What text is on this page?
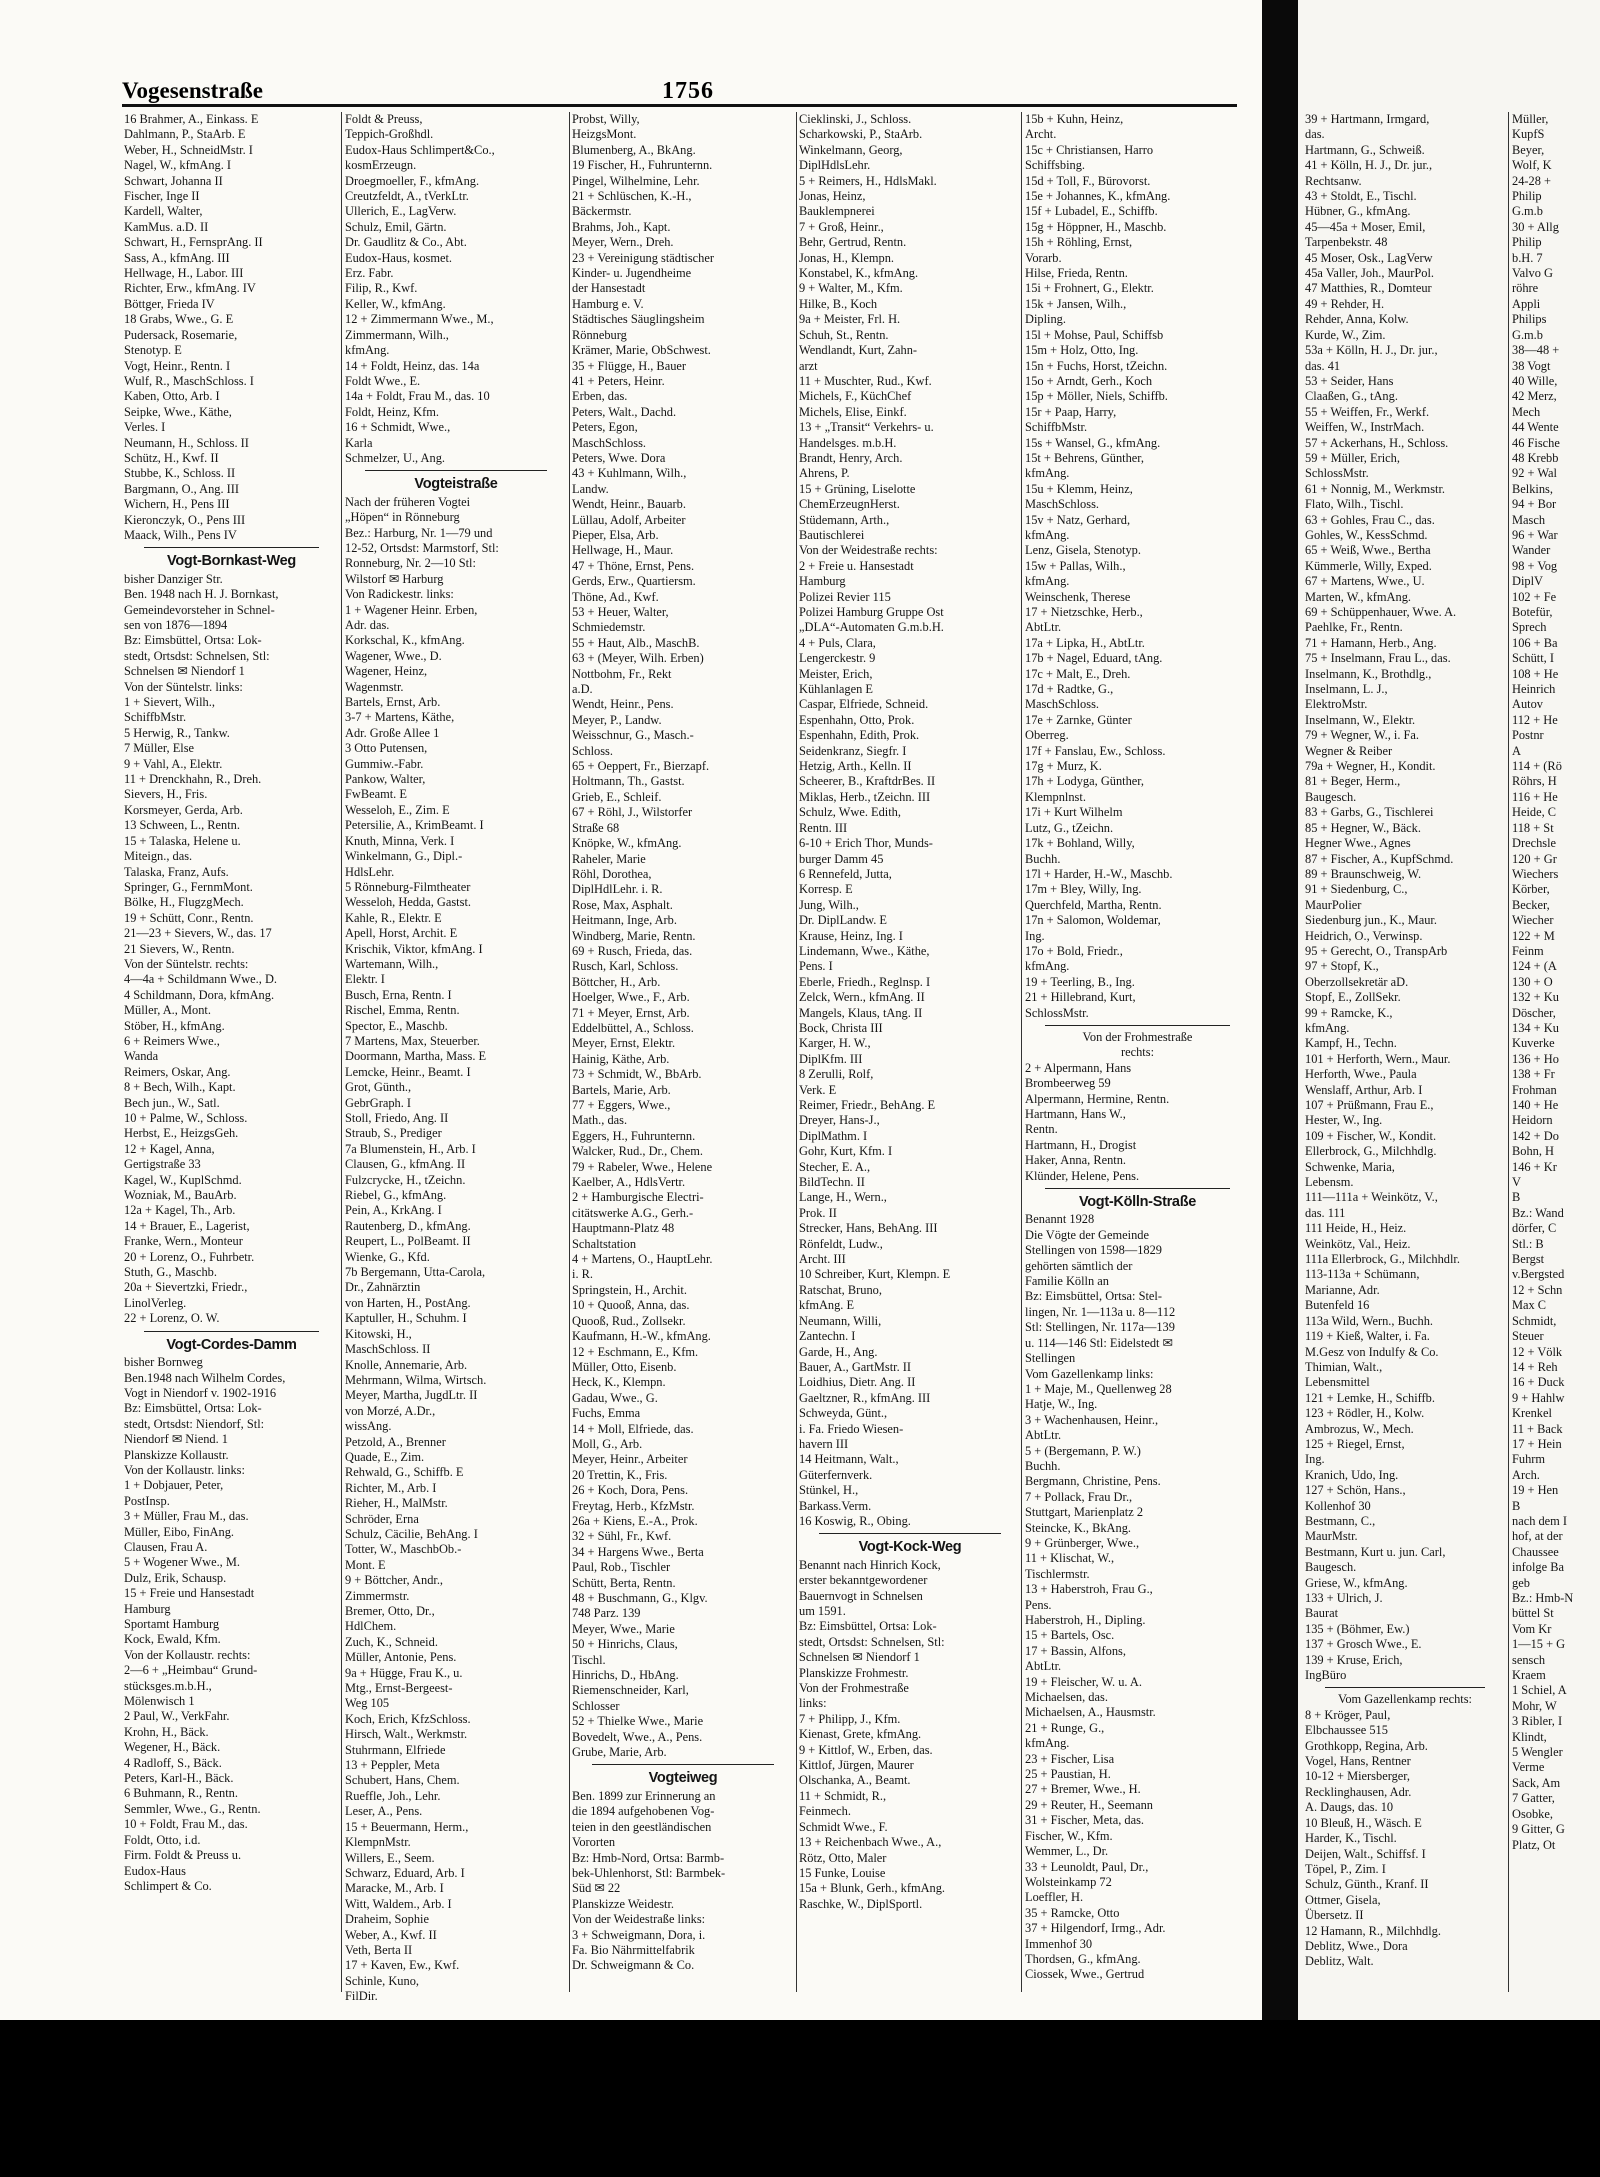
Vogesenstraße	1756
16 Brahmer, A., Einkass. E
Dahlmann, P., StaArb. E
Weber, H., SchneidMstr. I
Nagel, W., kfmAng. I
Schwart, Johanna II
Fischer, Inge II
Kardell, Walter,
KamMus. a.D. II
Schwart, H., FernsprAng. II
Sass, A., kfmAng. III
Hellwage, H., Labor. III
Richter, Erw., kfmAng. IV
Böttger, Frieda IV
18 Grabs, Wwe., G. E
Pudersack, Rosemarie,
Stenotyp. E
Vogt, Heinr., Rentn. I
Wulf, R., MaschSchloss. I
Kaben, Otto, Arb. I
Seipke, Wwe., Käthe,
Verles. I
Neumann, H., Schloss. II
Schütz, H., Kwf. II
Stubbe, K., Schloss. II
Bargmann, O., Ang. III
Wichern, H., Pens III
Kieronczyk, O., Pens III
Maack, Wilh., Pens IV
Vogt-Bornkast-Weg
bisher Danziger Str.
Ben. 1948 nach H. J. Bornkast,
Gemeindevorsteher in Schnel-
sen von 1876—1894
Bz: Eimsbüttel, Ortsa: Lok-
stedt, Ortsdst: Schnelsen, Stl:
Schnelsen ✉ Niendorf 1
Von der Süntelstr. links:
1 + Sievert, Wilh.,
SchiffbMstr.
5 Herwig, R., Tankw.
7 Müller, Else
9 + Vahl, A., Elektr.
11 + Drenckhahn, R., Dreh.
Sievers, H., Fris.
Korsmeyer, Gerda, Arb.
13 Schween, L., Rentn.
15 + Talaska, Helene u.
Miteign., das.
Talaska, Franz, Aufs.
Springer, G., FernmMont.
Bölke, H., FlugzgMech.
19 + Schütt, Conr., Rentn.
21—23 + Sievers, W., das. 17
21 Sievers, W., Rentn.
Von der Süntelstr. rechts:
4—4a + Schildmann Wwe., D.
4 Schildmann, Dora, kfmAng.
Müller, A., Mont.
Stöber, H., kfmAng.
6 + Reimers Wwe.,
Wanda
Reimers, Oskar, Ang.
8 + Bech, Wilh., Kapt.
Bech jun., W., Satl.
10 + Palme, W., Schloss.
Herbst, E., HeizgsGeh.
12 + Kagel, Anna,
Gertigstraße 33
Kagel, W., KuplSchmd.
Wozniak, M., BauArb.
12a + Kagel, Th., Arb.
14 + Brauer, E., Lagerist,
Franke, Wern., Monteur
20 + Lorenz, O., Fuhrbetr.
Stuth, G., Maschb.
20a + Sievertzki, Friedr.,
LinolVerleg.
22 + Lorenz, O. W.
Vogt-Cordes-Damm
bisher Bornweg
Ben.1948 nach Wilhelm Cordes,
Vogt in Niendorf v. 1902-1916
Bz: Eimsbüttel, Ortsa: Lok-
stedt, Ortsdst: Niendorf, Stl:
Niendorf ✉ Niend. 1
Planskizze Kollaustr.
Von der Kollaustr. links:
1 + Dobjauer, Peter,
PostInsp.
3 + Müller, Frau M., das.
Müller, Eibo, FinAng.
Clausen, Frau A.
5 + Wogener Wwe., M.
Dulz, Erik, Schausp.
15 + Freie und Hansestadt
Hamburg
Sportamt Hamburg
Kock, Ewald, Kfm.
Von der Kollaustr. rechts:
2—6 + „Heimbau“ Grund-
stücksges.m.b.H.,
Mölenwisch 1
2 Paul, W., VerkFahr.
Krohn, H., Bäck.
Wegener, H., Bäck.
4 Radloff, S., Bäck.
Peters, Karl-H., Bäck.
6 Buhmann, R., Rentn.
Semmler, Wwe., G., Rentn.
10 + Foldt, Frau M., das.
Foldt, Otto, i.d.
Firm. Foldt & Preuss u.
Eudox-Haus
Schlimpert & Co.
Foldt & Preuss,
Teppich-Großhdl.
Eudox-Haus Schlimpert&Co.,
kosmErzeugn.
Droegmoeller, F., kfmAng.
Creutzfeldt, A., tVerkLtr.
Ullerich, E., LagVerw.
Schulz, Emil, Gärtn.
Dr. Gaudlitz & Co., Abt.
Eudox-Haus, kosmet.
Erz. Fabr.
Filip, R., Kwf.
Keller, W., kfmAng.
12 + Zimmermann Wwe., M.,
Zimmermann, Wilh.,
kfmAng.
14 + Foldt, Heinz, das. 14a
Foldt Wwe., E.
14a + Foldt, Frau M., das. 10
Foldt, Heinz, Kfm.
16 + Schmidt, Wwe.,
Karla
Schmelzer, U., Ang.
Vogteistraße
Nach der früheren Vogtei
„Höpen“ in Rönneburg
Bez.: Harburg, Nr. 1—79 und
12-52, Ortsdst: Marmstorf, Stl:
Ronneburg, Nr. 2—10 Stl:
Wilstorf ✉ Harburg
Von Radickestr. links:
1 + Wagener Heinr. Erben,
Adr. das.
Korkschal, K., kfmAng.
Wagener, Wwe., D.
Wagener, Heinz,
Wagenmstr.
Bartels, Ernst, Arb.
3-7 + Martens, Käthe,
Adr. Große Allee 1
3 Otto Putensen,
Gummiw.-Fabr.
Pankow, Walter,
FwBeamt. E
Wesseloh, E., Zim. E
Petersilie, A., KrimBeamt. I
Knuth, Minna, Verk. I
Winkelmann, G., Dipl.-
HdlsLehr.
5 Rönneburg-Filmtheater
Wesseloh, Hedda, Gastst.
Kahle, R., Elektr. E
Apell, Horst, Archit. E
Krischik, Viktor, kfmAng. I
Wartemann, Wilh.,
Elektr. I
Busch, Erna, Rentn. I
Rischel, Emma, Rentn.
Spector, E., Maschb.
7 Martens, Max, Steuerber.
Doormann, Martha, Mass. E
Lemcke, Heinr., Beamt. I
Grot, Günth.,
GebrGraph. I
Stoll, Friedo, Ang. II
Straub, S., Prediger
7a Blumenstein, H., Arb. I
Clausen, G., kfmAng. II
Fulzcrycke, H., tZeichn.
Riebel, G., kfmAng.
Pein, A., KrkAng. I
Rautenberg, D., kfmAng.
Reupert, L., PolBeamt. II
Wienke, G., Kfd.
7b Bergemann, Utta-Carola,
Dr., Zahnärztin
von Harten, H., PostAng.
Kaptuller, H., Schuhm. I
Kitowski, H.,
MaschSchloss. II
Knolle, Annemarie, Arb.
Mehrmann, Wilma, Wirtsch.
Meyer, Martha, JugdLtr. II
von Morzé, A.Dr.,
wissAng.
Petzold, A., Brenner
Quade, E., Zim.
Rehwald, G., Schiffb. E
Richter, M., Arb. I
Rieher, H., MalMstr.
Schröder, Erna
Schulz, Cäcilie, BehAng. I
Totter, W., MaschbOb.-
Mont. E
9 + Böttcher, Andr.,
Zimmermstr.
Bremer, Otto, Dr.,
HdlChem.
Zuch, K., Schneid.
Müller, Antonie, Pens.
9a + Hügge, Frau K., u.
Mtg., Ernst-Bergeest-
Weg 105
Koch, Erich, KfzSchloss.
Hirsch, Walt., Werkmstr.
Stuhrmann, Elfriede
13 + Peppler, Meta
Schubert, Hans, Chem.
Rueffle, Joh., Lehr.
Leser, A., Pens.
15 + Beuermann, Herm.,
KlempnMstr.
Willers, E., Seem.
Schwarz, Eduard, Arb. I
Maracke, M., Arb. I
Witt, Waldem., Arb. I
Draheim, Sophie
Weber, A., Kwf. II
Veth, Berta II
17 + Kaven, Ew., Kwf.
Schinle, Kuno,
FilDir.
Probst, Willy,
HeizgsMont.
Blumenberg, A., BkAng.
19 Fischer, H., Fuhrunternn.
Pingel, Wilhelmine, Lehr.
21 + Schlüschen, K.-H.,
Bäckermstr.
Brahms, Joh., Kapt.
Meyer, Wern., Dreh.
23 + Vereinigung städtischer
Kinder- u. Jugendheime
der Hansestadt
Hamburg e. V.
Städtisches Säuglingsheim
Rönneburg
Krämer, Marie, ObSchwest.
35 + Flügge, H., Bauer
41 + Peters, Heinr.
Erben, das.
Peters, Walt., Dachd.
Peters, Egon,
MaschSchloss.
Peters, Wwe. Dora
43 + Kuhlmann, Wilh.,
Landw.
Wendt, Heinr., Bauarb.
Lüllau, Adolf, Arbeiter
Pieper, Elsa, Arb.
Hellwage, H., Maur.
47 + Thöne, Ernst, Pens.
Gerds, Erw., Quartiersm.
Thöne, Ad., Kwf.
53 + Heuer, Walter,
Schmiedemstr.
55 + Haut, Alb., MaschB.
63 + (Meyer, Wilh. Erben)
Nottbohm, Fr., Rekt
a.D.
Wendt, Heinr., Pens.
Meyer, P., Landw.
Weisschnur, G., Masch.-
Schloss.
65 + Oeppert, Fr., Bierzapf.
Holtmann, Th., Gastst.
Grieb, E., Schleif.
67 + Röhl, J., Wilstorfer
Straße 68
Knöpke, W., kfmAng.
Raheler, Marie
Röhl, Dorothea,
DiplHdlLehr. i. R.
Rose, Max, Asphalt.
Heitmann, Inge, Arb.
Windberg, Marie, Rentn.
69 + Rusch, Frieda, das.
Rusch, Karl, Schloss.
Böttcher, H., Arb.
Hoelger, Wwe., F., Arb.
71 + Meyer, Ernst, Arb.
Eddelbüttel, A., Schloss.
Meyer, Ernst, Elektr.
Hainig, Käthe, Arb.
73 + Schmidt, W., BbArb.
Bartels, Marie, Arb.
77 + Eggers, Wwe.,
Math., das.
Eggers, H., Fuhrunternn.
Walcker, Rud., Dr., Chem.
79 + Rabeler, Wwe., Helene
Kaelber, A., HdlsVertr.
2 + Hamburgische Electri-
citätswerke A.G., Gerh.-
Hauptmann-Platz 48
Schaltstation
4 + Martens, O., HauptLehr.
i. R.
Springstein, H., Archit.
10 + Quooß, Anna, das.
Quooß, Rud., Zollsekr.
Kaufmann, H.-W., kfmAng.
12 + Eschmann, E., Kfm.
Müller, Otto, Eisenb.
Heck, K., Klempn.
Gadau, Wwe., G.
Fuchs, Emma
14 + Moll, Elfriede, das.
Moll, G., Arb.
Meyer, Heinr., Arbeiter
20 Trettin, K., Fris.
26 + Koch, Dora, Pens.
Freytag, Herb., KfzMstr.
26a + Kiens, E.-A., Prok.
32 + Sühl, Fr., Kwf.
34 + Hargens Wwe., Berta
Paul, Rob., Tischler
Schütt, Berta, Rentn.
48 + Buschmann, G., Klgv.
748 Parz. 139
Meyer, Wwe., Marie
50 + Hinrichs, Claus,
Tischl.
Hinrichs, D., HbAng.
Riemenschneider, Karl,
Schlosser
52 + Thielke Wwe., Marie
Bovedelt, Wwe., A., Pens.
Grube, Marie, Arb.
Vogteiweg
Ben. 1899 zur Erinnerung an
die 1894 aufgehobenen Vog-
teien in den geestländischen
Vororten
Bz: Hmb-Nord, Ortsa: Barmb-
bek-Uhlenhorst, Stl: Barmbek-
Süd ✉ 22
Planskizze Weidestr.
Von der Weidestraße links:
3 + Schweigmann, Dora, i.
Fa. Bio Nährmittelfabrik
Dr. Schweigmann & Co.
Cieklinski, J., Schloss.
Scharkowski, P., StaArb.
Winkelmann, Georg,
DiplHdlsLehr.
5 + Reimers, H., HdlsMakl.
Jonas, Heinz,
Bauklempnerei
7 + Groß, Heinr.,
Behr, Gertrud, Rentn.
Jonas, H., Klempn.
Konstabel, K., kfmAng.
9 + Walter, M., Kfm.
Hilke, B., Koch
9a + Meister, Frl. H.
Schuh, St., Rentn.
Wendlandt, Kurt, Zahn-
arzt
11 + Muschter, Rud., Kwf.
Michels, F., KüchChef
Michels, Elise, Einkf.
13 + „Transit“ Verkehrs- u.
Handelsges. m.b.H.
Brandt, Henry, Arch.
Ahrens, P.
15 + Grüning, Liselotte
ChemErzeugnHerst.
Stüdemann, Arth.,
Bautischlerei
Von der Weidestraße rechts:
2 + Freie u. Hansestadt
Hamburg
Polizei Revier 115
Polizei Hamburg Gruppe Ost
„DLA“-Automaten G.m.b.H.
4 + Puls, Clara,
Lengerckestr. 9
Meister, Erich,
Kühlanlagen E
Caspar, Elfriede, Schneid.
Espenhahn, Otto, Prok.
Espenhahn, Edith, Prok.
Seidenkranz, Siegfr. I
Hetzig, Arth., Kelln. II
Scheerer, B., KraftdrBes. II
Miklas, Herb., tZeichn. III
Schulz, Wwe. Edith,
Rentn. III
6-10 + Erich Thor, Munds-
burger Damm 45
6 Rennefeld, Jutta,
Korresp. E
Jung, Wilh.,
Dr. DiplLandw. E
Krause, Heinz, Ing. I
Lindemann, Wwe., Käthe,
Pens. I
Eberle, Friedh., Reglnsp. I
Zelck, Wern., kfmAng. II
Mangels, Klaus, tAng. II
Bock, Christa III
Karger, H. W.,
DiplKfm. III
8 Zerulli, Rolf,
Verk. E
Reimer, Friedr., BehAng. E
Dreyer, Hans-J.,
DiplMathm. I
Gohr, Kurt, Kfm. I
Stecher, E. A.,
BildTechn. II
Lange, H., Wern.,
Prok. II
Strecker, Hans, BehAng. III
Rönfeldt, Ludw.,
Archt. III
10 Schreiber, Kurt, Klempn. E
Ratschat, Bruno,
kfmAng. E
Neumann, Willi,
Zantechn. I
Garde, H., Ang.
Bauer, A., GartMstr. II
Loidhius, Dietr. Ang. II
Gaeltzner, R., kfmAng. III
Schweyda, Günt.,
i. Fa. Friedo Wiesen-
havern III
14 Heitmann, Walt.,
Güterfernverk.
Stünkel, H.,
Barkass.Verm.
16 Koswig, R., Obing.
Vogt-Kock-Weg
Benannt nach Hinrich Kock,
erster bekanntgewordener
Bauernvogt in Schnelsen
um 1591.
Bz: Eimsbüttel, Ortsa: Lok-
stedt, Ortsdst: Schnelsen, Stl:
Schnelsen ✉ Niendorf 1
Planskizze Frohmestr.
Von der Frohmestraße
links:
7 + Philipp, J., Kfm.
Kienast, Grete, kfmAng.
9 + Kittlof, W., Erben, das.
Kittlof, Jürgen, Maurer
Olschanka, A., Beamt.
11 + Schmidt, R.,
Feinmech.
Schmidt Wwe., F.
13 + Reichenbach Wwe., A.,
Rötz, Otto, Maler
15 Funke, Louise
15a + Blunk, Gerh., kfmAng.
Raschke, W., DiplSportl.
15b + Kuhn, Heinz,
Archt.
15c + Christiansen, Harro
Schiffsbing.
15d + Toll, F., Bürovorst.
15e + Johannes, K., kfmAng.
15f + Lubadel, E., Schiffb.
15g + Höppner, H., Maschb.
15h + Röhling, Ernst,
Vorarb.
Hilse, Frieda, Rentn.
15i + Frohnert, G., Elektr.
15k + Jansen, Wilh.,
Dipling.
15l + Mohse, Paul, Schiffsb
15m + Holz, Otto, Ing.
15n + Fuchs, Horst, tZeichn.
15o + Arndt, Gerh., Koch
15p + Möller, Niels, Schiffb.
15r + Paap, Harry,
SchiffbMstr.
15s + Wansel, G., kfmAng.
15t + Behrens, Günther,
kfmAng.
15u + Klemm, Heinz,
MaschSchloss.
15v + Natz, Gerhard,
kfmAng.
Lenz, Gisela, Stenotyp.
15w + Pallas, Wilh.,
kfmAng.
Weinschenk, Therese
17 + Nietzschke, Herb.,
AbtLtr.
17a + Lipka, H., AbtLtr.
17b + Nagel, Eduard, tAng.
17c + Malt, E., Dreh.
17d + Radtke, G.,
MaschSchloss.
17e + Zarnke, Günter
Oberreg.
17f + Fanslau, Ew., Schloss.
17g + Murz, K.
17h + Lodyga, Günther,
Klempnlnst.
17i + Kurt Wilhelm
Lutz, G., tZeichn.
17k + Bohland, Willy,
Buchh.
17l + Harder, H.-W., Maschb.
17m + Bley, Willy, Ing.
Querchfeld, Martha, Rentn.
17n + Salomon, Woldemar,
Ing.
17o + Bold, Friedr.,
kfmAng.
19 + Teerling, B., Ing.
21 + Hillebrand, Kurt,
SchlossMstr.
Von der Frohmestraße
rechts:
2 + Alpermann, Hans
Brombeerweg 59
Alpermann, Hermine, Rentn.
Hartmann, Hans W.,
Rentn.
Hartmann, H., Drogist
Haker, Anna, Rentn.
Klünder, Helene, Pens.
Vogt-Kölln-Straße
Benannt 1928
Die Vögte der Gemeinde
Stellingen von 1598—1829
gehörten sämtlich der
Familie Kölln an
Bz: Eimsbüttel, Ortsa: Stel-
lingen, Nr. 1—113a u. 8—112
Stl: Stellingen, Nr. 117a—139
u. 114—146 Stl: Eidelstedt ✉
Stellingen
Vom Gazellenkamp links:
1 + Maje, M., Quellenweg 28
Hatje, W., Ing.
3 + Wachenhausen, Heinr.,
AbtLtr.
5 + (Bergemann, P. W.)
Buchh.
Bergmann, Christine, Pens.
7 + Pollack, Frau Dr.,
Stuttgart, Marienplatz 2
Steincke, K., BkAng.
9 + Grünberger, Wwe.,
11 + Klischat, W.,
Tischlermstr.
13 + Haberstroh, Frau G.,
Pens.
Haberstroh, H., Dipling.
15 + Bartels, Osc.
17 + Bassin, Alfons,
AbtLtr.
19 + Fleischer, W. u. A.
Michaelsen, das.
Michaelsen, A., Hausmstr.
21 + Runge, G.,
kfmAng.
23 + Fischer, Lisa
25 + Paustian, H.
27 + Bremer, Wwe., H.
29 + Reuter, H., Seemann
31 + Fischer, Meta, das.
Fischer, W., Kfm.
Wemmer, L., Dr.
33 + Leunoldt, Paul, Dr.,
Wolsteinkamp 72
Loeffler, H.
35 + Ramcke, Otto
37 + Hilgendorf, Irmg., Adr.
Immenhof 30
Thordsen, G., kfmAng.
Ciossek, Wwe., Gertrud
39 + Hartmann, Irmgard,
das.
Hartmann, G., Schweiß.
41 + Kölln, H. J., Dr. jur.,
Rechtsanw.
43 + Stoldt, E., Tischl.
Hübner, G., kfmAng.
45—45a + Moser, Emil,
Tarpenbekstr. 48
45 Moser, Osk., LagVerw
45a Valler, Joh., MaurPol.
47 Matthies, R., Domteur
49 + Rehder, H.
Rehder, Anna, Kolw.
Kurde, W., Zim.
53a + Kölln, H. J., Dr. jur.,
das. 41
53 + Seider, Hans
Claaßen, G., tAng.
55 + Weiffen, Fr., Werkf.
Weiffen, W., InstrMach.
57 + Ackerhans, H., Schloss.
59 + Müller, Erich,
SchlossMstr.
61 + Nonnig, M., Werkmstr.
Flato, Wilh., Tischl.
63 + Gohles, Frau C., das.
Gohles, W., KessSchmd.
65 + Weiß, Wwe., Bertha
Kümmerle, Willy, Exped.
67 + Martens, Wwe., U.
Marten, W., kfmAng.
69 + Schüppenhauer, Wwe. A.
Paehlke, Fr., Rentn.
71 + Hamann, Herb., Ang.
75 + Inselmann, Frau L., das.
Inselmann, K., Brothdlg.,
Inselmann, L. J.,
ElektroMstr.
Inselmann, W., Elektr.
79 + Wegner, W., i. Fa.
Wegner & Reiber
79a + Wegner, H., Kondit.
81 + Beger, Herm.,
Baugesch.
83 + Garbs, G., Tischlerei
85 + Hegner, W., Bäck.
Hegner Wwe., Agnes
87 + Fischer, A., KupfSchmd.
89 + Braunschweig, W.
91 + Siedenburg, C.,
MaurPolier
Siedenburg jun., K., Maur.
Heidrich, O., Verwinsp.
95 + Gerecht, O., TranspArb
97 + Stopf, K.,
Oberzollsekretär aD.
Stopf, E., ZollSekr.
99 + Ramcke, K.,
kfmAng.
Kampf, H., Techn.
101 + Herforth, Wern., Maur.
Herforth, Wwe., Paula
Wenslaff, Arthur, Arb. I
107 + Prüßmann, Frau E.,
Hester, W., Ing.
109 + Fischer, W., Kondit.
Ellerbrock, G., Milchhdlg.
Schwenke, Maria,
Lebensm.
111—111a + Weinkötz, V.,
das. 111
111 Heide, H., Heiz.
Weinkötz, Val., Heiz.
111a Ellerbrock, G., Milchhdlr.
113-113a + Schümann,
Marianne, Adr.
Butenfeld 16
113a Wild, Wern., Buchh.
119 + Kieß, Walter, i. Fa.
M.Gesz von Indulfy & Co.
Thimian, Walt.,
Lebensmittel
121 + Lemke, H., Schiffb.
123 + Rödler, H., Kolw.
Ambrozus, W., Mech.
125 + Riegel, Ernst,
Ing.
Kranich, Udo, Ing.
127 + Schön, Hans.,
Kollenhof 30
Bestmann, C.,
MaurMstr.
Bestmann, Kurt u. jun. Carl,
Baugesch.
Griese, W., kfmAng.
133 + Ulrich, J.
Baurat
135 + (Böhmer, Ew.)
137 + Grosch Wwe., E.
139 + Kruse, Erich,
IngBüro
Vom Gazellenkamp rechts:
8 + Kröger, Paul,
Elbchaussee 515
Grothkopp, Regina, Arb.
Vogel, Hans, Rentner
10-12 + Miersberger,
Recklinghausen, Adr.
A. Daugs, das. 10
10 Bleuß, H., Wäsch. E
Harder, K., Tischl.
Deijen, Walt., Schiffsf. I
Töpel, P., Zim. I
Schulz, Günth., Kranf. II
Ottmer, Gisela,
Übersetz. II
12 Hamann, R., Milchhdlg.
Deblitz, Wwe., Dora
Deblitz, Walt.
Müller,
KupfS
Beyer,
Wolf, K
24-28 +
Philip
G.m.b
30 + Allg
Philip
b.H. 7
Valvo G
röhre
Appli
Philips
G.m.b
38—48 +
38 Vogt
40 Wille,
42 Merz,
Mech
44 Wente
46 Fische
48 Krebb
92 + Wal
Belkins,
94 + Bor
Masch
96 + War
Wander
98 + Vog
DiplV
102 + Fe
Botefür,
Sprech
106 + Ba
Schütt, I
108 + He
Heinrich
Autov
112 + He
Postnr
A
114 + (Rö
Röhrs, H
116 + He
Heide, C
118 + St
Drechsle
120 + Gr
Wiechers
Körber,
Becker,
Wiecher
122 + M
Feinm
124 + (A
130 + O
132 + Ku
Döscher,
134 + Ku
Kuverke
136 + Ho
138 + Fr
Frohman
140 + He
Heidorn
142 + Do
Bohn, H
146 + Kr
V
B
Bz.: Wand
dörfer, C
Stl.: B
Bergst
v.Bergsted
12 + Schn
Max C
Schmidt,
Steuer
12 + Völk
14 + Reh
16 + Duck
9 + Hahlw
Krenkel
11 + Back
17 + Hein
Fuhrm
Arch.
19 + Hen
B
nach dem I
hof, at der
Chaussee
infolge Ba
geb
Bz.: Hmb-N
büttel St
Vom Kr
1—15 + G
sensch
Kraem
1 Schiel, A
Mohr, W
3 Ribler, I
Klindt,
5 Wengler
Verme
Sack, Am
7 Gatter,
Osobke,
9 Gitter, G
Platz, Ot
